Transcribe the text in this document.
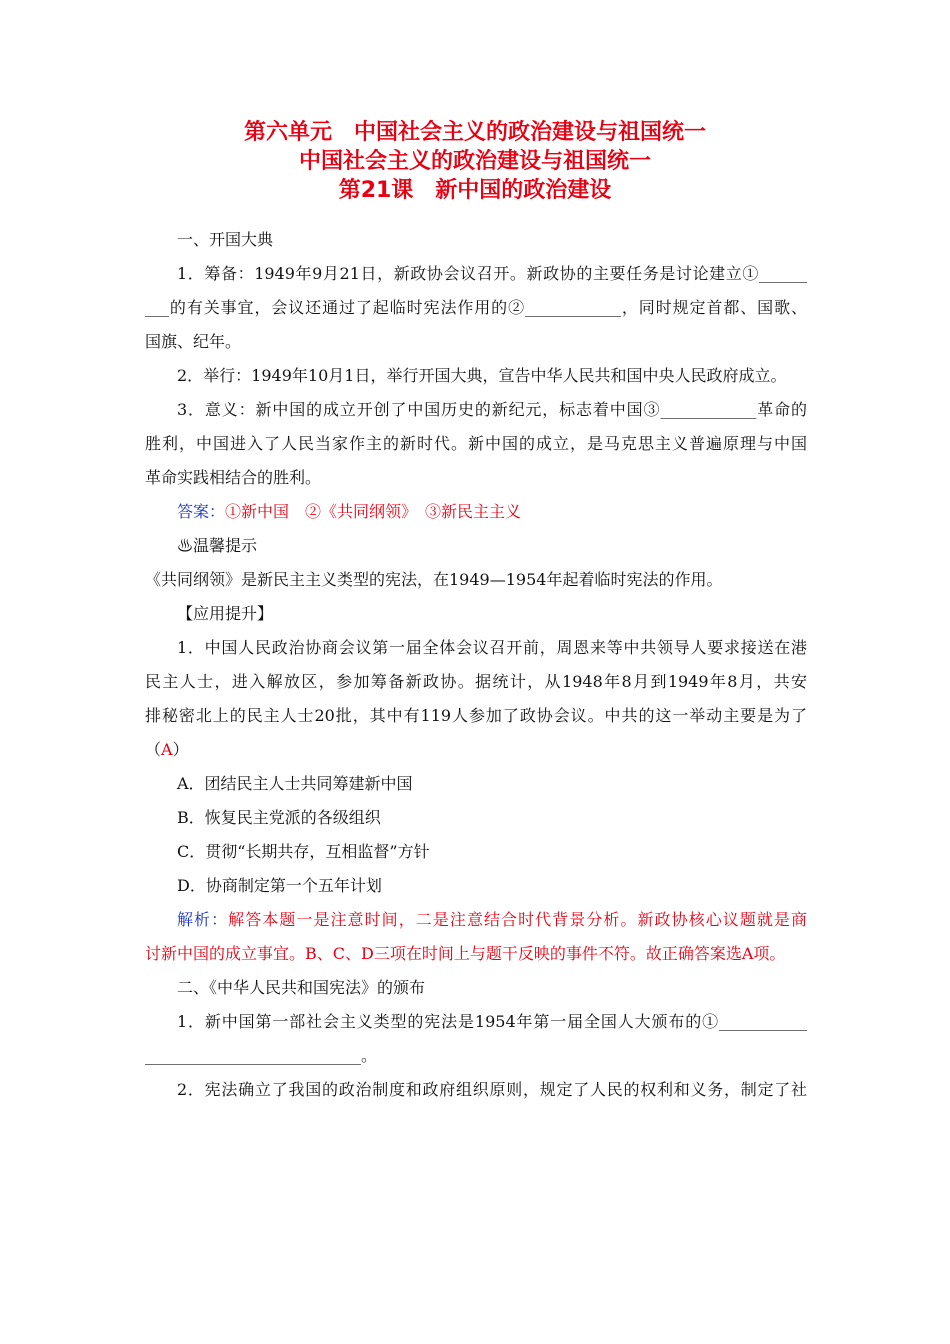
第六单元　中国社会主义的政治建设与祖国统一
中国社会主义的政治建设与祖国统一
第21课　新中国的政治建设

一、开国大典

1．筹备：1949年9月21日，新政协会议召开。新政协的主要任务是讨论建立①______

___的有关事宜，会议还通过了起临时宪法作用的②____________，同时规定首都、国歌、

国旗、纪年。

2．举行：1949年10月1日，举行开国大典，宣告中华人民共和国中央人民政府成立。

3．意义：新中国的成立开创了中国历史的新纪元，标志着中国③____________革命的

胜利，中国进入了人民当家作主的新时代。新中国的成立，是马克思主义普遍原理与中国

革命实践相结合的胜利。

答案：①新中国　②《共同纲领》　③新民主主义

♨温馨提示

《共同纲领》是新民主主义类型的宪法，在1949—1954年起着临时宪法的作用。

【应用提升】

1．中国人民政治协商会议第一届全体会议召开前，周恩来等中共领导人要求接送在港

民主人士，进入解放区，参加筹备新政协。据统计，从1948年8月到1949年8月，共安

排秘密北上的民主人士20批，其中有119人参加了政协会议。中共的这一举动主要是为了

（A）

A．团结民主人士共同筹建新中国

B．恢复民主党派的各级组织

C．贯彻“长期共存，互相监督”方针

D．协商制定第一个五年计划

解析：解答本题一是注意时间，二是注意结合时代背景分析。新政协核心议题就是商

讨新中国的成立事宜。B、C、D三项在时间上与题干反映的事件不符。故正确答案选A项。

二、《中华人民共和国宪法》的颁布

1．新中国第一部社会主义类型的宪法是1954年第一届全国人大颁布的①___________

___________________________。

2．宪法确立了我国的政治制度和政府组织原则，规定了人民的权利和义务，制定了社
